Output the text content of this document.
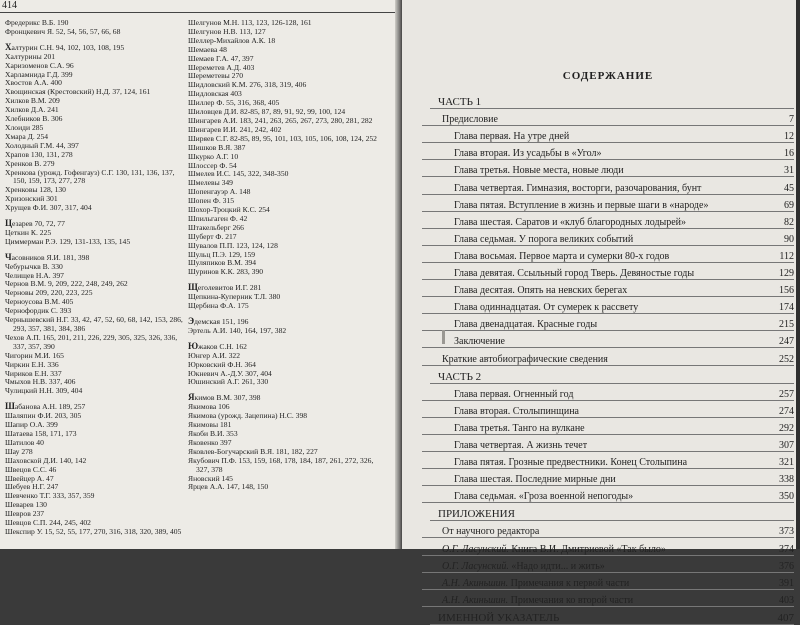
414
Фредерикс В.Б. 190
Фронцкевич Я. 52, 54, 56, 57, 66, 68
Халтурин С.Н. 94, 102, 103, 108, 195
Халтурины 201
Харизоменов С.А. 96
Харламнида Г.Д. 399
Хвостов А.А. 400
Хвощинская (Крестовский) Н.Д. 37, 124, 161
Хилков В.М. 209
Хилков Д.А. 241
Хлебников В. 306
Хлоиди 285
Хмара Д. 254
Холодный Г.М. 44, 397
Храпов 130, 131, 278
Хренков В. 279
Хренкова (урожд. Гофенгауз) С.Г. 130, 131, 136, 137, 150, 159, 173, 277, 278
Хренковы 128, 130
Хризонский 301
Хрущев Ф.И. 307, 317, 404
Цезарев 70, 72, 77
Цеткин К. 225
Циммерман Р.Э. 129, 131-133, 135, 145
Часовников Я.И. 181, 398
Чебурычкв В. 330
Челищев Н.А. 397
Чернов В.М. 9, 209, 222, 248, 249, 262
Черновы 209, 220, 223, 225
Черноусова В.М. 405
Чернофордик С. 393
Чернышевский Н.Г. 33, 42, 47, 52, 60, 68, 142, 153, 286, 293, 357, 381, 384, 386
Чехов А.П. 165, 201, 211, 226, 229, 305, 325, 326, 336, 337, 357, 390
Чигорин М.И. 165
Чиркин Е.Н. 336
Чириков Е.Н. 337
Чмыхов Н.В. 337, 406
Чулицкий Н.Н. 309, 404
Шабанова А.Н. 189, 257
Шаляпин Ф.И. 203, 305
Шапир О.А. 399
Шатаева 158, 171, 173
Шатилов 40
Шау 278
Шаховской Д.И. 140, 142
Швецов С.С. 46
Швейцер А. 47
Шебуев Н.Г. 247
Шевченко Т.Г. 333, 357, 359
Шеварев 130
Шевров 237
Шевцов С.П. 244, 245, 402
Шекспир У. 15, 52, 55, 177, 270, 316, 318, 320, 389, 405
Шелгунов М.Н. 113, 123, 126-128, 161
Шелгунов Н.В. 113, 127
Шеллер-Михайлов А.К. 18
Шемаева 48
Шемаев Г.А. 47, 397
Шереметев А.Д. 403
Шереметевы 270
Шидловский К.М. 276, 318, 319, 406
Шидловская 403
Шиллер Ф. 55, 316, 368, 405
Шиловцев Д.И. 82-85, 87, 89, 91, 92, 99, 100, 124
Шингарев А.И. 183, 241, 263, 265, 267, 273, 280, 281, 282
Шингарев И.И. 241, 242, 402
Ширяев С.Г. 82-85, 89, 95, 101, 103, 105, 106, 108, 124, 252
Шишков В.Я. 387
Шкурко А.Г. 10
Шлоссер Ф. 54
Шмелев И.С. 145, 322, 348-350
Шмелевы 349
Шопенгауэр А. 148
Шопен Ф. 315
Шохор-Троцкий К.С. 254
Шпильгаген Ф. 42
Штакельберг 266
Шуберт Ф. 217
Шувалов П.П. 123, 124, 128
Шульц П.Э. 129, 159
Шуляпиков В.М. 394
Шуринов К.К. 283, 390
Щеголевитов И.Г. 281
Щепкина-Куперник Т.Л. 380
Щербина Ф.А. 175
Эдемская 151, 196
Эртель А.И. 140, 164, 197, 382
Южаков С.Н. 162
Юнгер А.И. 322
Юрковский Ф.Н. 364
Юкневич А.-Д.У. 307, 404
Юшинский А.Г. 261, 330
Якимов В.М. 307, 398
Якимова 106
Якимова (урожд. Зацепина) Н.С. 398
Якимовы 181
Якоби В.И. 353
Яковенко 397
Яковлев-Богучарский В.Я. 181, 182, 227
Якубович П.Ф. 153, 159, 168, 178, 184, 187, 261, 272, 326, 327, 378
Яновский 145
Ярцев А.А. 147, 148, 150
СОДЕРЖАНИЕ
ЧАСТЬ 1
Предисловие	7
Глава первая. На утре дней	12
Глава вторая. Из усадьбы в «Угол»	16
Глава третья. Новые места, новые люди	31
Глава четвертая. Гимназия, восторги, разочарования, бунт	45
Глава пятая. Вступление в жизнь и первые шаги в «народе»	69
Глава шестая. Саратов и «клуб благородных лодырей»	82
Глава седьмая. У порога великих событий	90
Глава восьмая. Первое марта и сумерки 80-х годов	112
Глава девятая. Ссыльный город Тверь. Девяностые годы	129
Глава десятая. Опять на невских берегах	156
Глава одиннадцатая. От сумерек к рассвету	174
Глава двенадцатая. Красные годы	215
Заключение	247
Краткие автобиографические сведения	252
ЧАСТЬ 2
Глава первая. Огненный год	257
Глава вторая. Столыпинщина	274
Глава третья. Танго на вулкане	292
Глава четвертая. А жизнь течет	307
Глава пятая. Грозные предвестники. Конец Столыпина	321
Глава шестая. Последние мирные дни	338
Глава седьмая. «Гроза военной непогоды»	350
ПРИЛОЖЕНИЯ
От научного редактора	373
О.Г. Ласунский. Книга В.И. Дмитриевой «Так было»	374
О.Г. Ласунский. «Надо идти... и жить»	376
А.Н. Акиньшин. Примечания к первой части	391
А.Н. Акиньшин. Примечания ко второй части	403
ИМЕННОЙ УКАЗАТЕЛЬ	407
